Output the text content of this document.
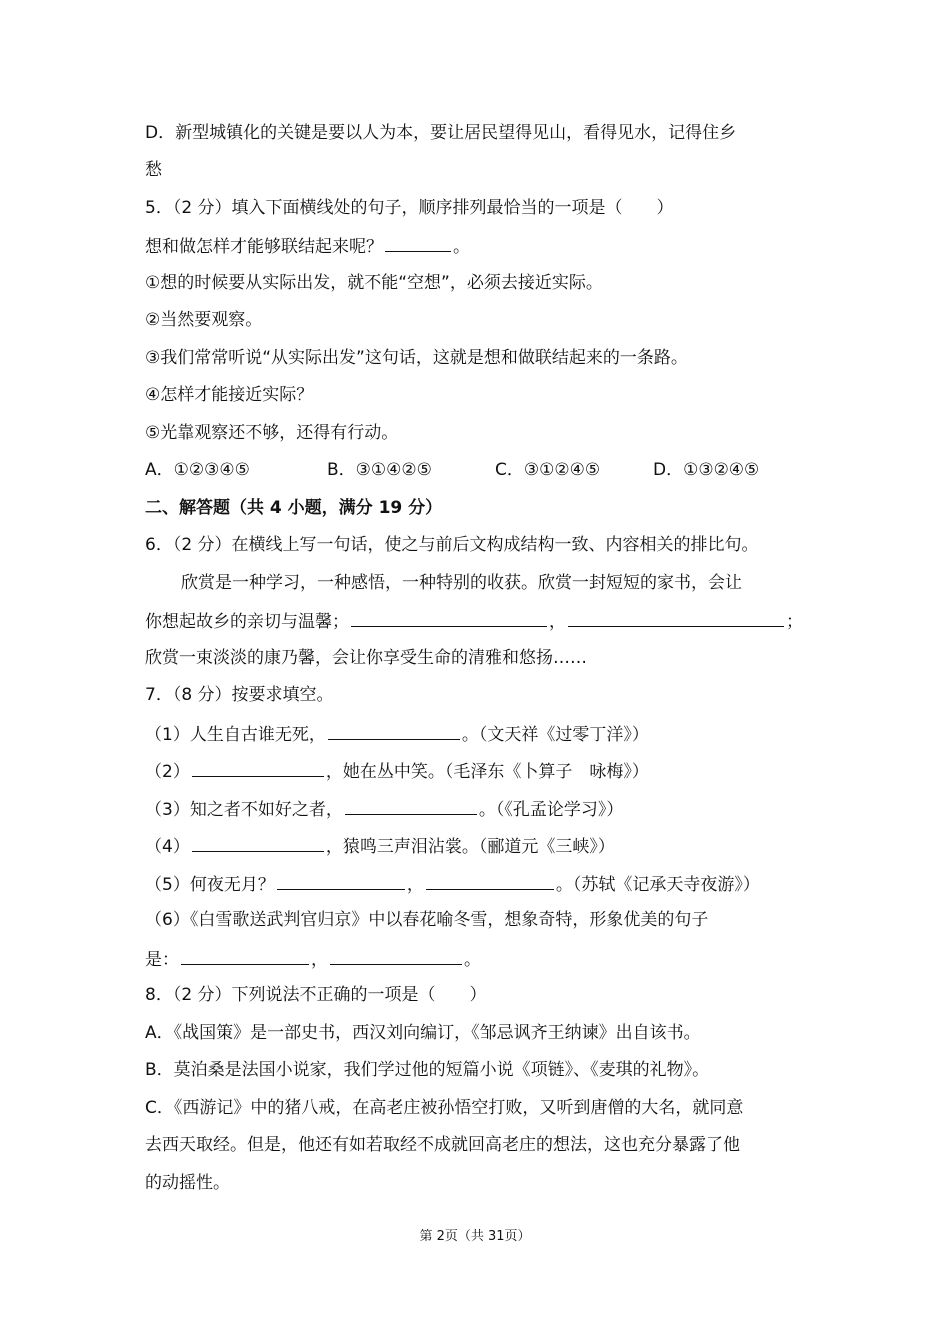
D．新型城镇化的关键是要以人为本，要让居民望得见山，看得见水，记得住乡
愁
5．（2 分）填入下面横线处的句子，顺序排列最恰当的一项是（　　）
想和做怎样才能够联结起来呢？	。
①想的时候要从实际出发，就不能“空想”，必须去接近实际。
②当然要观察。
③我们常常听说“从实际出发”这句话，这就是想和做联结起来的一条路。
④怎样才能接近实际？
⑤光靠观察还不够，还得有行动。
A．①②③④⑤	B．③①④②⑤	C．③①②④⑤	D．①③②④⑤
二、解答题（共 4 小题，满分 19 分）
6．（2 分）在横线上写一句话，使之与前后文构成结构一致、内容相关的排比句。
欣赏是一种学习，一种感悟，一种特别的收获。欣赏一封短短的家书，会让
你想起故乡的亲切与温馨；	，	；
欣赏一束淡淡的康乃馨，会让你享受生命的清雅和悠扬……
7．（8 分）按要求填空。
（1）人生自古谁无死，	。（文天祥《过零丁洋》）
（2）	，她在丛中笑。（毛泽东《卜算子　咏梅》）
（3）知之者不如好之者，	。（《孔孟论学习》）
（4）	，猿鸣三声泪沾裳。（郦道元《三峡》）
（5）何夜无月？	，	。（苏轼《记承天寺夜游》）
（6）《白雪歌送武判官归京》中以春花喻冬雪，想象奇特，形象优美的句子
是：	，	。
8．（2 分）下列说法不正确的一项是（　　）
A．《战国策》是一部史书，西汉刘向编订，《邹忌讽齐王纳谏》出自该书。
B．莫泊桑是法国小说家，我们学过他的短篇小说《项链》、《麦琪的礼物》。
C．《西游记》中的猪八戒，在高老庄被孙悟空打败，又听到唐僧的大名，就同意
去西天取经。但是，他还有如若取经不成就回高老庄的想法，这也充分暴露了他
的动摇性。
第 2页（共 31页）
